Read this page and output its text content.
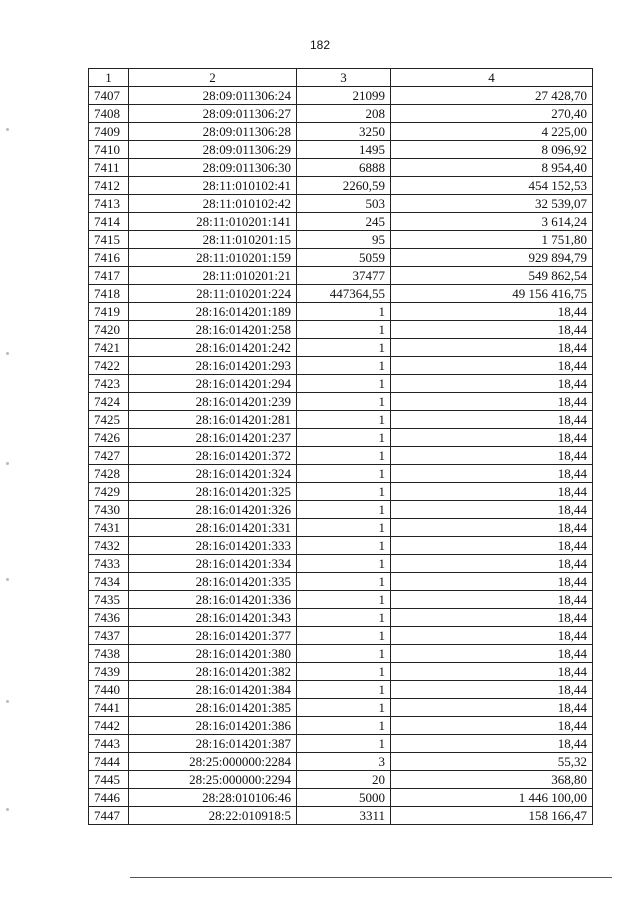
182
1	2	3	4
7407	28:09:011306:24	21099	27 428,70
7408	28:09:011306:27	208	270,40
7409	28:09:011306:28	3250	4 225,00
7410	28:09:011306:29	1495	8 096,92
7411	28:09:011306:30	6888	8 954,40
7412	28:11:010102:41	2260,59	454 152,53
7413	28:11:010102:42	503	32 539,07
7414	28:11:010201:141	245	3 614,24
7415	28:11:010201:15	95	1 751,80
7416	28:11:010201:159	5059	929 894,79
7417	28:11:010201:21	37477	549 862,54
7418	28:11:010201:224	447364,55	49 156 416,75
7419	28:16:014201:189	1	18,44
7420	28:16:014201:258	1	18,44
7421	28:16:014201:242	1	18,44
7422	28:16:014201:293	1	18,44
7423	28:16:014201:294	1	18,44
7424	28:16:014201:239	1	18,44
7425	28:16:014201:281	1	18,44
7426	28:16:014201:237	1	18,44
7427	28:16:014201:372	1	18,44
7428	28:16:014201:324	1	18,44
7429	28:16:014201:325	1	18,44
7430	28:16:014201:326	1	18,44
7431	28:16:014201:331	1	18,44
7432	28:16:014201:333	1	18,44
7433	28:16:014201:334	1	18,44
7434	28:16:014201:335	1	18,44
7435	28:16:014201:336	1	18,44
7436	28:16:014201:343	1	18,44
7437	28:16:014201:377	1	18,44
7438	28:16:014201:380	1	18,44
7439	28:16:014201:382	1	18,44
7440	28:16:014201:384	1	18,44
7441	28:16:014201:385	1	18,44
7442	28:16:014201:386	1	18,44
7443	28:16:014201:387	1	18,44
7444	28:25:000000:2284	3	55,32
7445	28:25:000000:2294	20	368,80
7446	28:28:010106:46	5000	1 446 100,00
7447	28:22:010918:5	3311	158 166,47
